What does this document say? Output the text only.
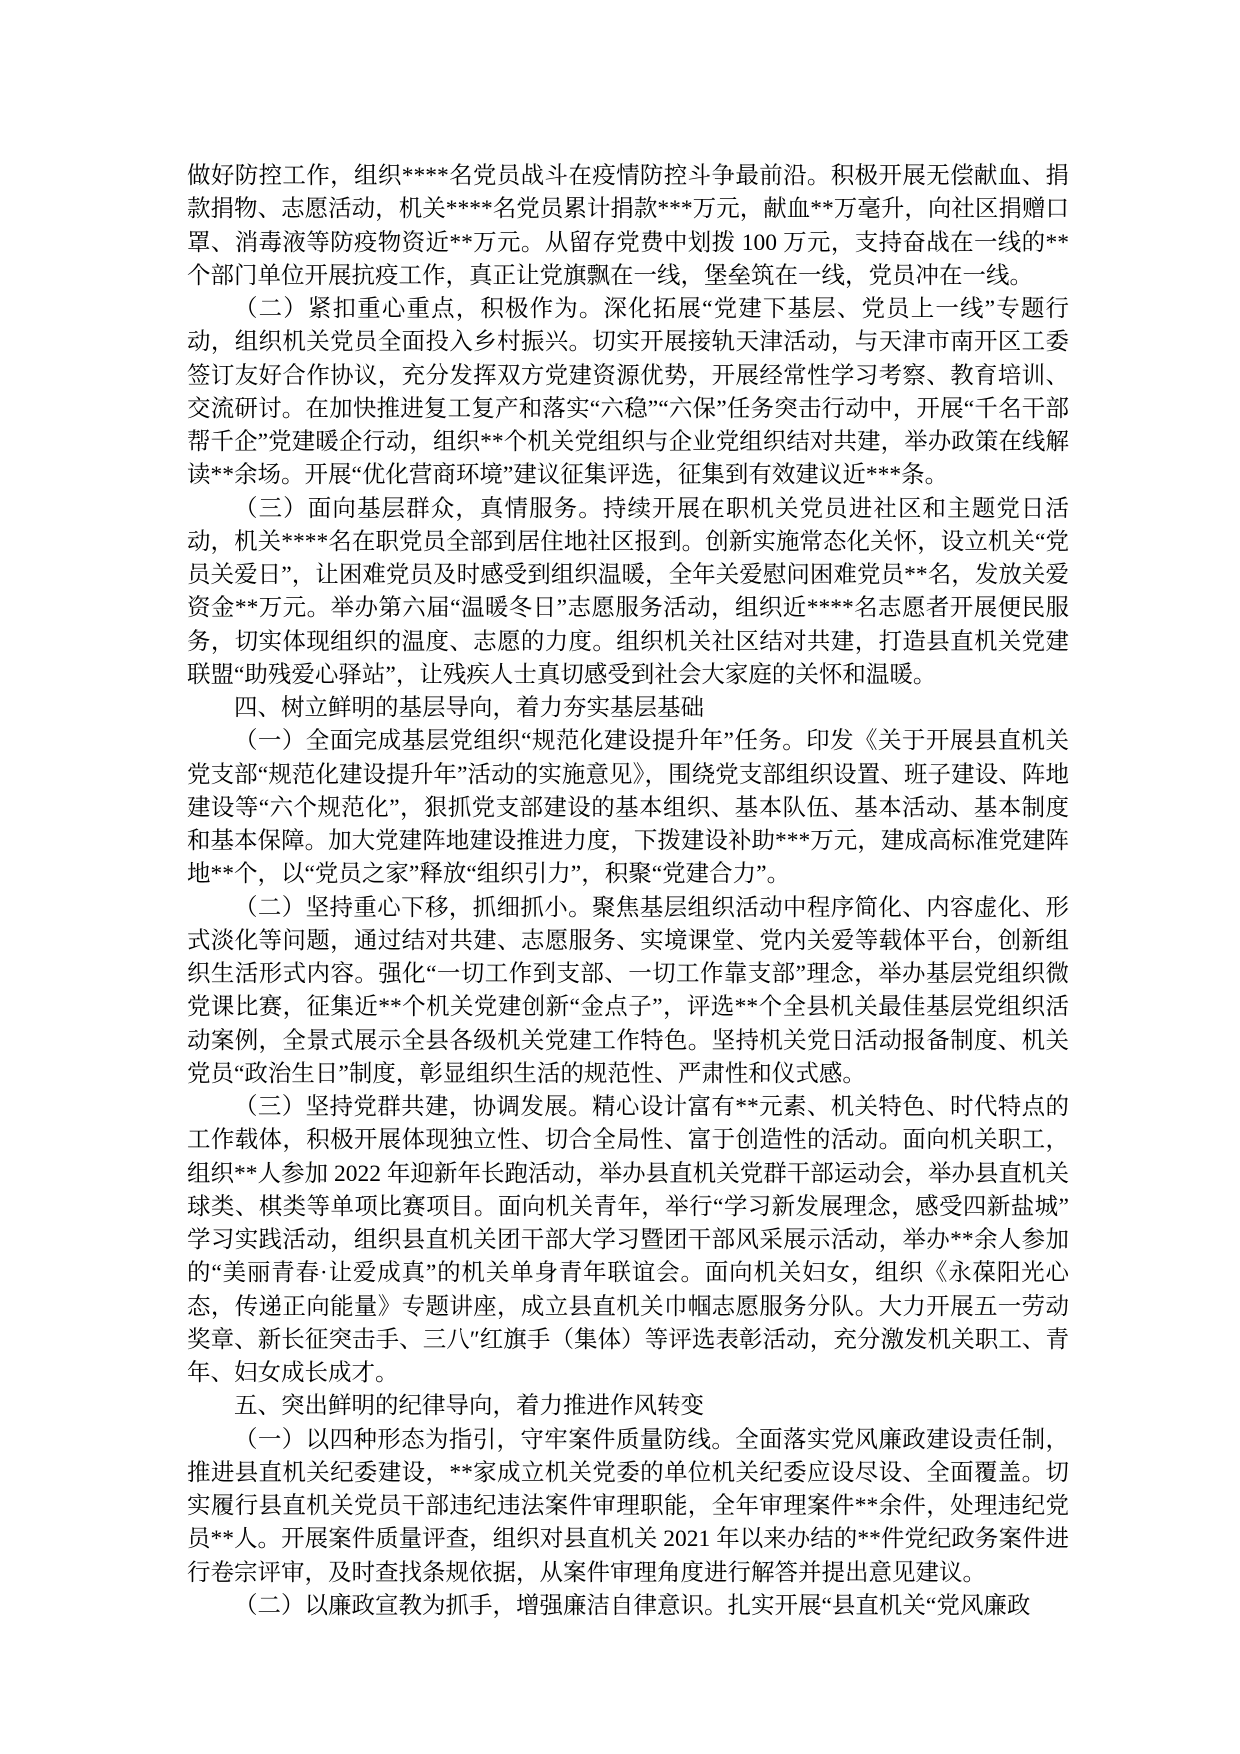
做好防控工作，组织****名党员战斗在疫情防控斗争最前沿。积极开展无偿献血、捐款捐物、志愿活动，机关****名党员累计捐款***万元，献血**万毫升，向社区捐赠口罩、消毒液等防疫物资近**万元。从留存党费中划拨 100 万元，支持奋战在一线的**个部门单位开展抗疫工作，真正让党旗飘在一线，堡垒筑在一线，党员冲在一线。

（二）紧扣重心重点，积极作为。深化拓展“党建下基层、党员上一线”专题行动，组织机关党员全面投入乡村振兴。切实开展接轨天津活动，与天津市南开区工委签订友好合作协议，充分发挥双方党建资源优势，开展经常性学习考察、教育培训、交流研讨。在加快推进复工复产和落实“六稳”“六保”任务突击行动中，开展“千名干部帮千企”党建暖企行动，组织**个机关党组织与企业党组织结对共建，举办政策在线解读**余场。开展“优化营商环境”建议征集评选，征集到有效建议近***条。

（三）面向基层群众，真情服务。持续开展在职机关党员进社区和主题党日活动，机关****名在职党员全部到居住地社区报到。创新实施常态化关怀，设立机关“党员关爱日”，让困难党员及时感受到组织温暖，全年关爱慰问困难党员**名，发放关爱资金**万元。举办第六届“温暖冬日”志愿服务活动，组织近****名志愿者开展便民服务，切实体现组织的温度、志愿的力度。组织机关社区结对共建，打造县直机关党建联盟“助残爱心驿站”，让残疾人士真切感受到社会大家庭的关怀和温暖。

四、树立鲜明的基层导向，着力夯实基层基础

（一）全面完成基层党组织“规范化建设提升年”任务。印发《关于开展县直机关党支部“规范化建设提升年”活动的实施意见》，围绕党支部组织设置、班子建设、阵地建设等“六个规范化”，狠抓党支部建设的基本组织、基本队伍、基本活动、基本制度和基本保障。加大党建阵地建设推进力度，下拨建设补助***万元，建成高标准党建阵地**个，以“党员之家”释放“组织引力”，积聚“党建合力”。

（二）坚持重心下移，抓细抓小。聚焦基层组织活动中程序简化、内容虚化、形式淡化等问题，通过结对共建、志愿服务、实境课堂、党内关爱等载体平台，创新组织生活形式内容。强化“一切工作到支部、一切工作靠支部”理念，举办基层党组织微党课比赛，征集近**个机关党建创新“金点子”，评选**个全县机关最佳基层党组织活动案例，全景式展示全县各级机关党建工作特色。坚持机关党日活动报备制度、机关党员“政治生日”制度，彰显组织生活的规范性、严肃性和仪式感。

（三）坚持党群共建，协调发展。精心设计富有**元素、机关特色、时代特点的工作载体，积极开展体现独立性、切合全局性、富于创造性的活动。面向机关职工，组织**人参加 2022 年迎新年长跑活动，举办县直机关党群干部运动会，举办县直机关球类、棋类等单项比赛项目。面向机关青年，举行“学习新发展理念，感受四新盐城”学习实践活动，组织县直机关团干部大学习暨团干部风采展示活动，举办**余人参加的“美丽青春·让爱成真”的机关单身青年联谊会。面向机关妇女，组织《永葆阳光心态，传递正向能量》专题讲座，成立县直机关巾帼志愿服务分队。大力开展五一劳动奖章、新长征突击手、三八″红旗手（集体）等评选表彰活动，充分激发机关职工、青年、妇女成长成才。

五、突出鲜明的纪律导向，着力推进作风转变

（一）以四种形态为指引，守牢案件质量防线。全面落实党风廉政建设责任制，推进县直机关纪委建设，**家成立机关党委的单位机关纪委应设尽设、全面覆盖。切实履行县直机关党员干部违纪违法案件审理职能，全年审理案件**余件，处理违纪党员**人。开展案件质量评查，组织对县直机关 2021 年以来办结的**件党纪政务案件进行卷宗评审，及时查找条规依据，从案件审理角度进行解答并提出意见建议。

（二）以廉政宣教为抓手，增强廉洁自律意识。扎实开展“县直机关“党风廉政
